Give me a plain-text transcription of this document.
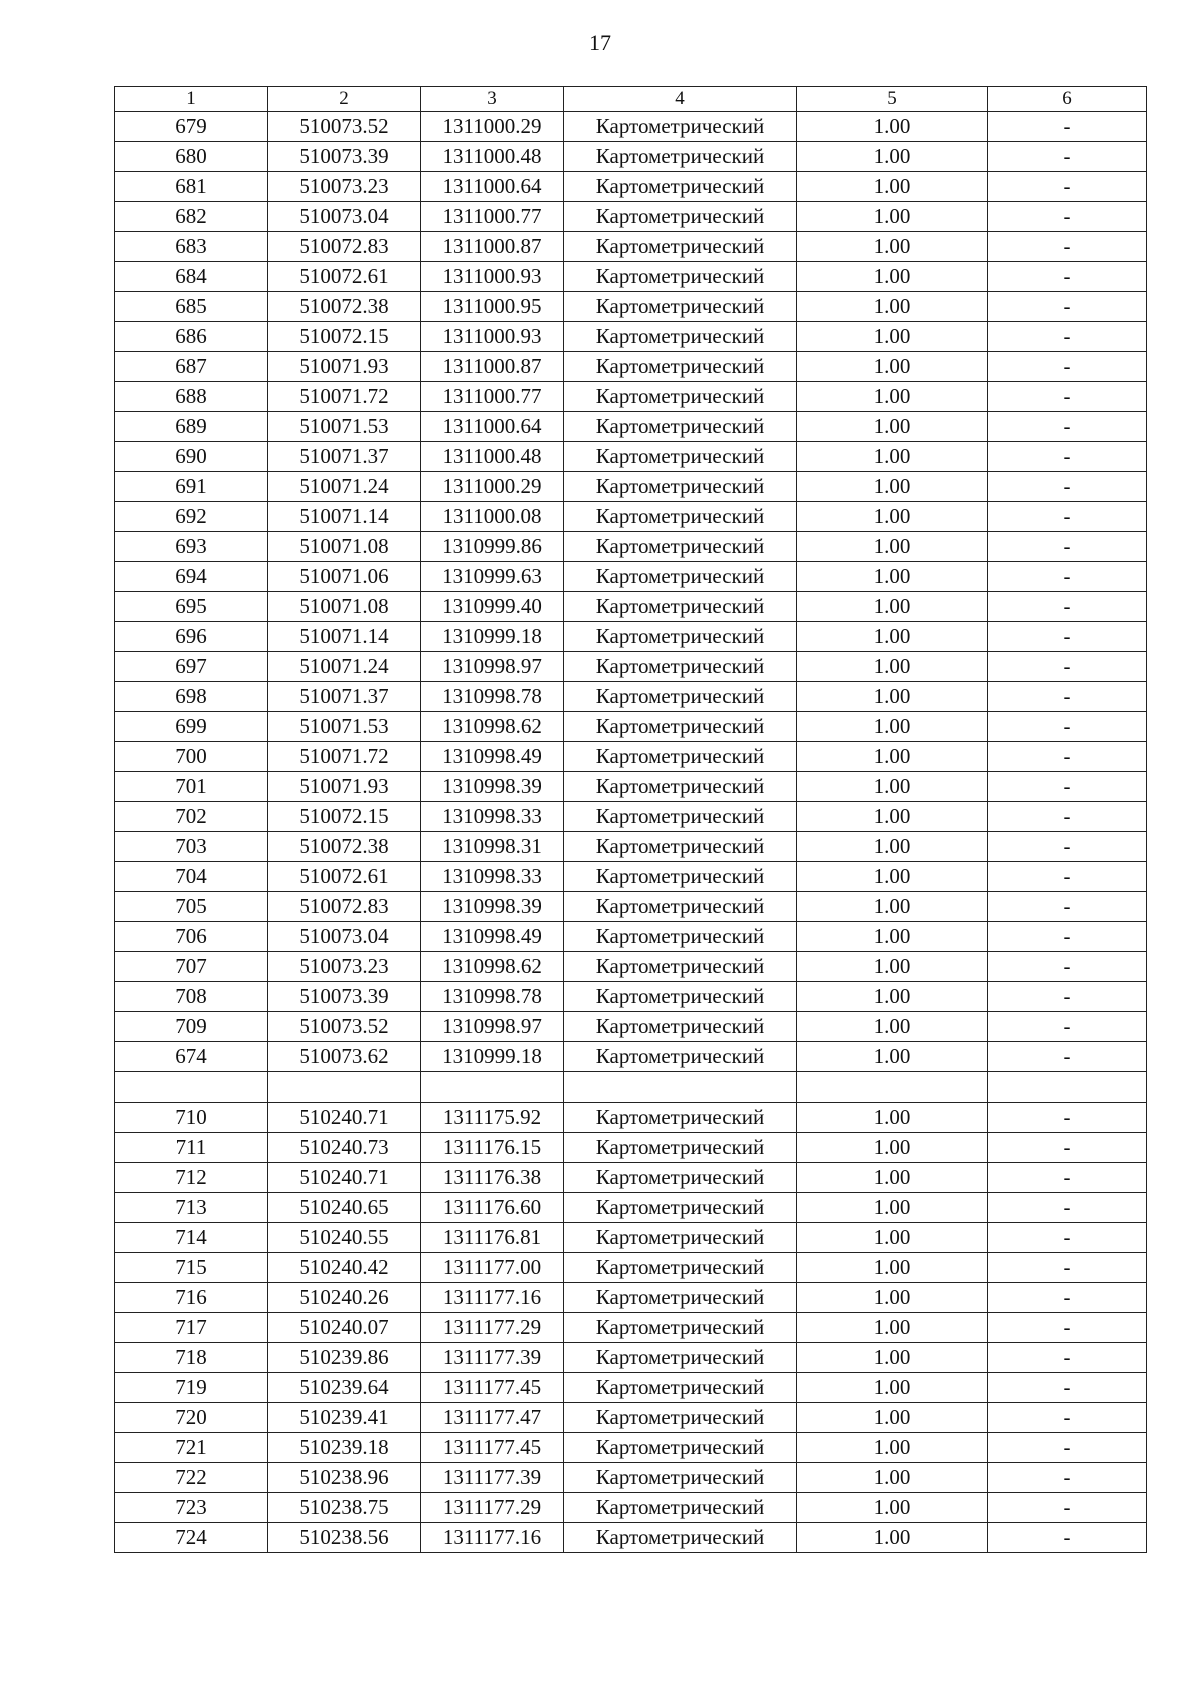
17
1	2	3	4	5	6
679	510073.52	1311000.29	Картометрический	1.00	-
680	510073.39	1311000.48	Картометрический	1.00	-
681	510073.23	1311000.64	Картометрический	1.00	-
682	510073.04	1311000.77	Картометрический	1.00	-
683	510072.83	1311000.87	Картометрический	1.00	-
684	510072.61	1311000.93	Картометрический	1.00	-
685	510072.38	1311000.95	Картометрический	1.00	-
686	510072.15	1311000.93	Картометрический	1.00	-
687	510071.93	1311000.87	Картометрический	1.00	-
688	510071.72	1311000.77	Картометрический	1.00	-
689	510071.53	1311000.64	Картометрический	1.00	-
690	510071.37	1311000.48	Картометрический	1.00	-
691	510071.24	1311000.29	Картометрический	1.00	-
692	510071.14	1311000.08	Картометрический	1.00	-
693	510071.08	1310999.86	Картометрический	1.00	-
694	510071.06	1310999.63	Картометрический	1.00	-
695	510071.08	1310999.40	Картометрический	1.00	-
696	510071.14	1310999.18	Картометрический	1.00	-
697	510071.24	1310998.97	Картометрический	1.00	-
698	510071.37	1310998.78	Картометрический	1.00	-
699	510071.53	1310998.62	Картометрический	1.00	-
700	510071.72	1310998.49	Картометрический	1.00	-
701	510071.93	1310998.39	Картометрический	1.00	-
702	510072.15	1310998.33	Картометрический	1.00	-
703	510072.38	1310998.31	Картометрический	1.00	-
704	510072.61	1310998.33	Картометрический	1.00	-
705	510072.83	1310998.39	Картометрический	1.00	-
706	510073.04	1310998.49	Картометрический	1.00	-
707	510073.23	1310998.62	Картометрический	1.00	-
708	510073.39	1310998.78	Картометрический	1.00	-
709	510073.52	1310998.97	Картометрический	1.00	-
674	510073.62	1310999.18	Картометрический	1.00	-

710	510240.71	1311175.92	Картометрический	1.00	-
711	510240.73	1311176.15	Картометрический	1.00	-
712	510240.71	1311176.38	Картометрический	1.00	-
713	510240.65	1311176.60	Картометрический	1.00	-
714	510240.55	1311176.81	Картометрический	1.00	-
715	510240.42	1311177.00	Картометрический	1.00	-
716	510240.26	1311177.16	Картометрический	1.00	-
717	510240.07	1311177.29	Картометрический	1.00	-
718	510239.86	1311177.39	Картометрический	1.00	-
719	510239.64	1311177.45	Картометрический	1.00	-
720	510239.41	1311177.47	Картометрический	1.00	-
721	510239.18	1311177.45	Картометрический	1.00	-
722	510238.96	1311177.39	Картометрический	1.00	-
723	510238.75	1311177.29	Картометрический	1.00	-
724	510238.56	1311177.16	Картометрический	1.00	-
